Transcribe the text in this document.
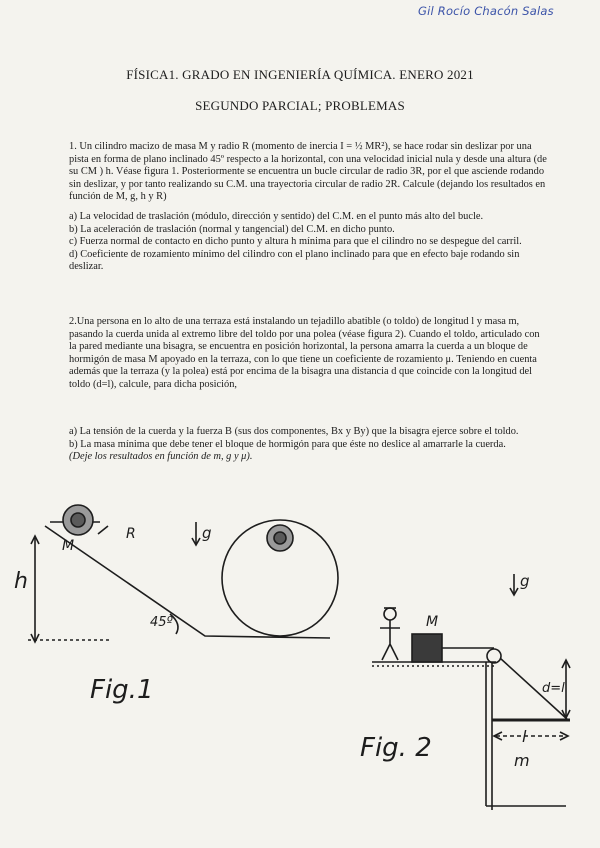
Gil Rocío Chacón Salas
FÍSICA1. GRADO EN INGENIERÍA QUÍMICA. ENERO 2021
SEGUNDO PARCIAL; PROBLEMAS

1. Un cilindro macizo de masa M y radio R (momento de inercia I = ½ MR²), se hace rodar sin deslizar por una pista en forma de plano inclinado 45º respecto a la horizontal, con una velocidad inicial nula y desde una altura (de su CM ) h. Véase figura 1. Posteriormente se encuentra un bucle circular de radio 3R, por el que asciende rodando sin deslizar, y por tanto realizando su C.M. una trayectoria circular de radio 2R. Calcule (dejando los resultados en función de M, g, h y R)

a) La velocidad de traslación (módulo, dirección y sentido) del C.M. en el punto más alto del bucle.

b) La aceleración de traslación (normal y tangencial) del C.M. en dicho punto.

c) Fuerza normal de contacto en dicho punto y altura h mínima para que el cilindro no se despegue del carril.

d) Coeficiente de rozamiento mínimo del cilindro con el plano inclinado para que en efecto baje rodando sin deslizar.

2.Una persona en lo alto de una terraza está instalando un tejadillo abatible (o toldo) de longitud l y masa m, pasando la cuerda unida al extremo libre del toldo por una polea (véase figura 2). Cuando el toldo, articulado con la pared mediante una bisagra, se encuentra en posición horizontal, la persona amarra la cuerda a un bloque de hormigón de masa M apoyado en la terraza, con lo que tiene un coeficiente de rozamiento μ. Teniendo en cuenta además que la terraza (y la polea) está por encima de la bisagra una distancia d que coincide con la longitud del toldo (d=l), calcule, para dicha posición,

a) La tensión de la cuerda y la fuerza B (sus dos componentes, Bx y By) que la bisagra ejerce sobre el toldo.

b) La masa mínima que debe tener el bloque de hormigón para que éste no deslice al amarrarle la cuerda.

(Deje los resultados en función de m, g y μ).

M
R
h
45º
g
Fig.1
M
d=l
l
m
g
Fig. 2
